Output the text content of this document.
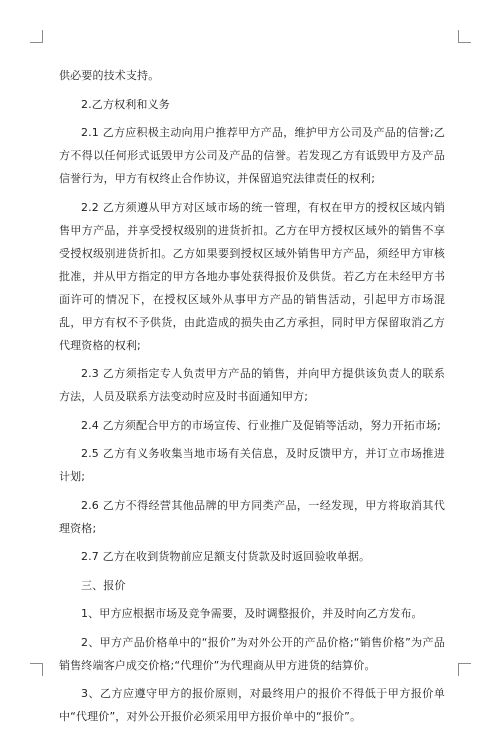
供必要的技术支持。

2.乙方权利和义务

2.1 乙方应积极主动向用户推荐甲方产品，维护甲方公司及产品的信誉;乙方不得以任何形式诋毁甲方公司及产品的信誉。若发现乙方有诋毁甲方及产品信誉行为，甲方有权终止合作协议，并保留追究法律责任的权利;

2.2 乙方须遵从甲方对区域市场的统一管理，有权在甲方的授权区域内销售甲方产品，并享受授权级别的进货折扣。乙方在甲方授权区域外的销售不享受授权级别进货折扣。乙方如果要到授权区域外销售甲方产品，须经甲方审核批准，并从甲方指定的甲方各地办事处获得报价及供货。若乙方在未经甲方书面许可的情况下，在授权区域外从事甲方产品的销售活动，引起甲方市场混乱，甲方有权不予供货，由此造成的损失由乙方承担，同时甲方保留取消乙方代理资格的权利;

2.3 乙方须指定专人负责甲方产品的销售，并向甲方提供该负责人的联系方法，人员及联系方法变动时应及时书面通知甲方;

2.4 乙方须配合甲方的市场宣传、行业推广及促销等活动，努力开拓市场;

2.5 乙方有义务收集当地市场有关信息，及时反馈甲方，并订立市场推进计划;

2.6 乙方不得经营其他品牌的甲方同类产品，一经发现，甲方将取消其代理资格;

2.7 乙方在收到货物前应足额支付货款及时返回验收单据。

三、报价

1、甲方应根据市场及竞争需要，及时调整报价，并及时向乙方发布。

2、甲方产品价格单中的“报价”为对外公开的产品价格;“销售价格”为产品销售终端客户成交价格;“代理价”为代理商从甲方进货的结算价。

3、乙方应遵守甲方的报价原则，对最终用户的报价不得低于甲方报价单中“代理价”，对外公开报价必须采用甲方报价单中的“报价”。
